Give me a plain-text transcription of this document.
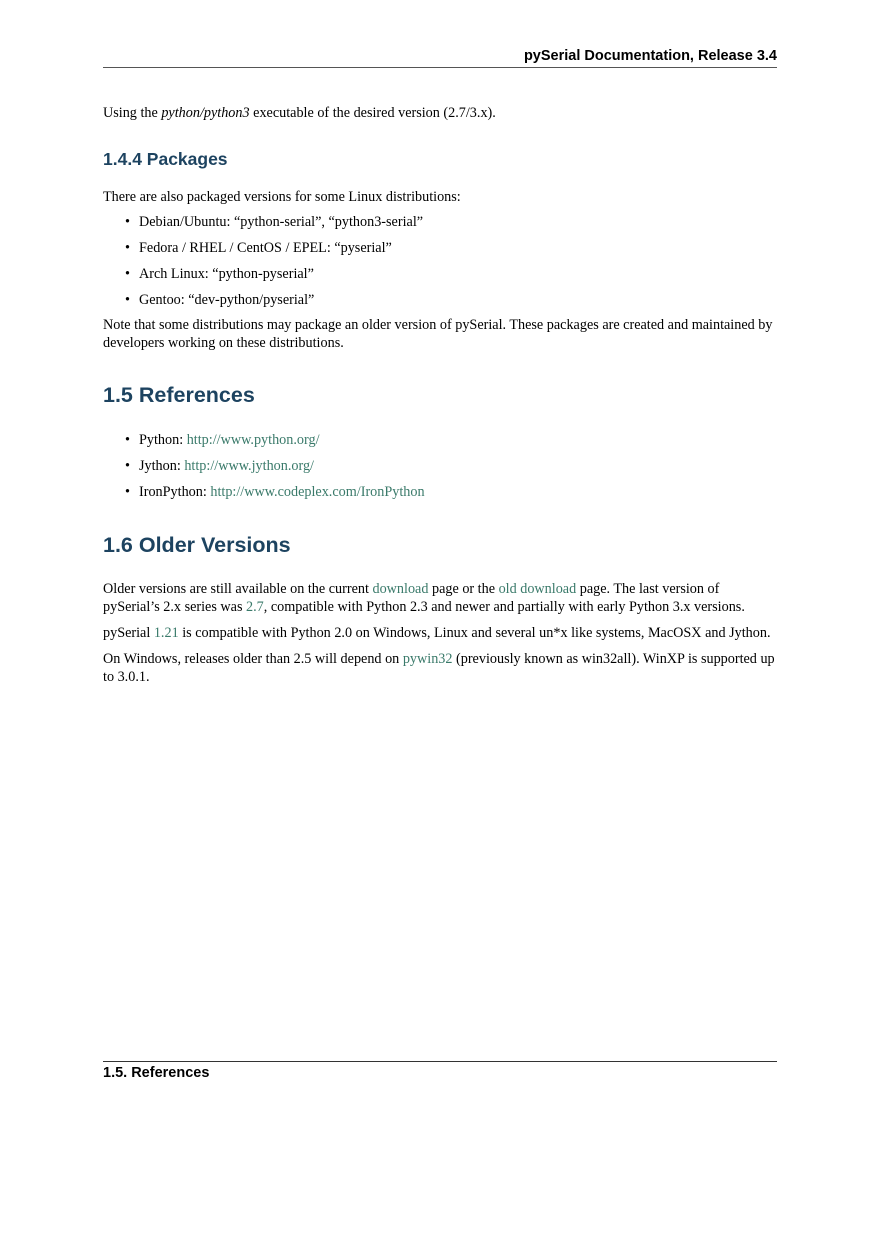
pySerial Documentation, Release 3.4
Using the python/python3 executable of the desired version (2.7/3.x).
1.4.4 Packages
There are also packaged versions for some Linux distributions:
• Debian/Ubuntu: “python-serial”, “python3-serial”
• Fedora / RHEL / CentOS / EPEL: “pyserial”
• Arch Linux: “python-pyserial”
• Gentoo: “dev-python/pyserial”
Note that some distributions may package an older version of pySerial. These packages are created and maintained by developers working on these distributions.
1.5 References
• Python: http://www.python.org/
• Jython: http://www.jython.org/
• IronPython: http://www.codeplex.com/IronPython
1.6 Older Versions
Older versions are still available on the current download page or the old download page. The last version of pySerial’s 2.x series was 2.7, compatible with Python 2.3 and newer and partially with early Python 3.x versions.
pySerial 1.21 is compatible with Python 2.0 on Windows, Linux and several un*x like systems, MacOSX and Jython.
On Windows, releases older than 2.5 will depend on pywin32 (previously known as win32all). WinXP is supported up to 3.0.1.
1.5. References
